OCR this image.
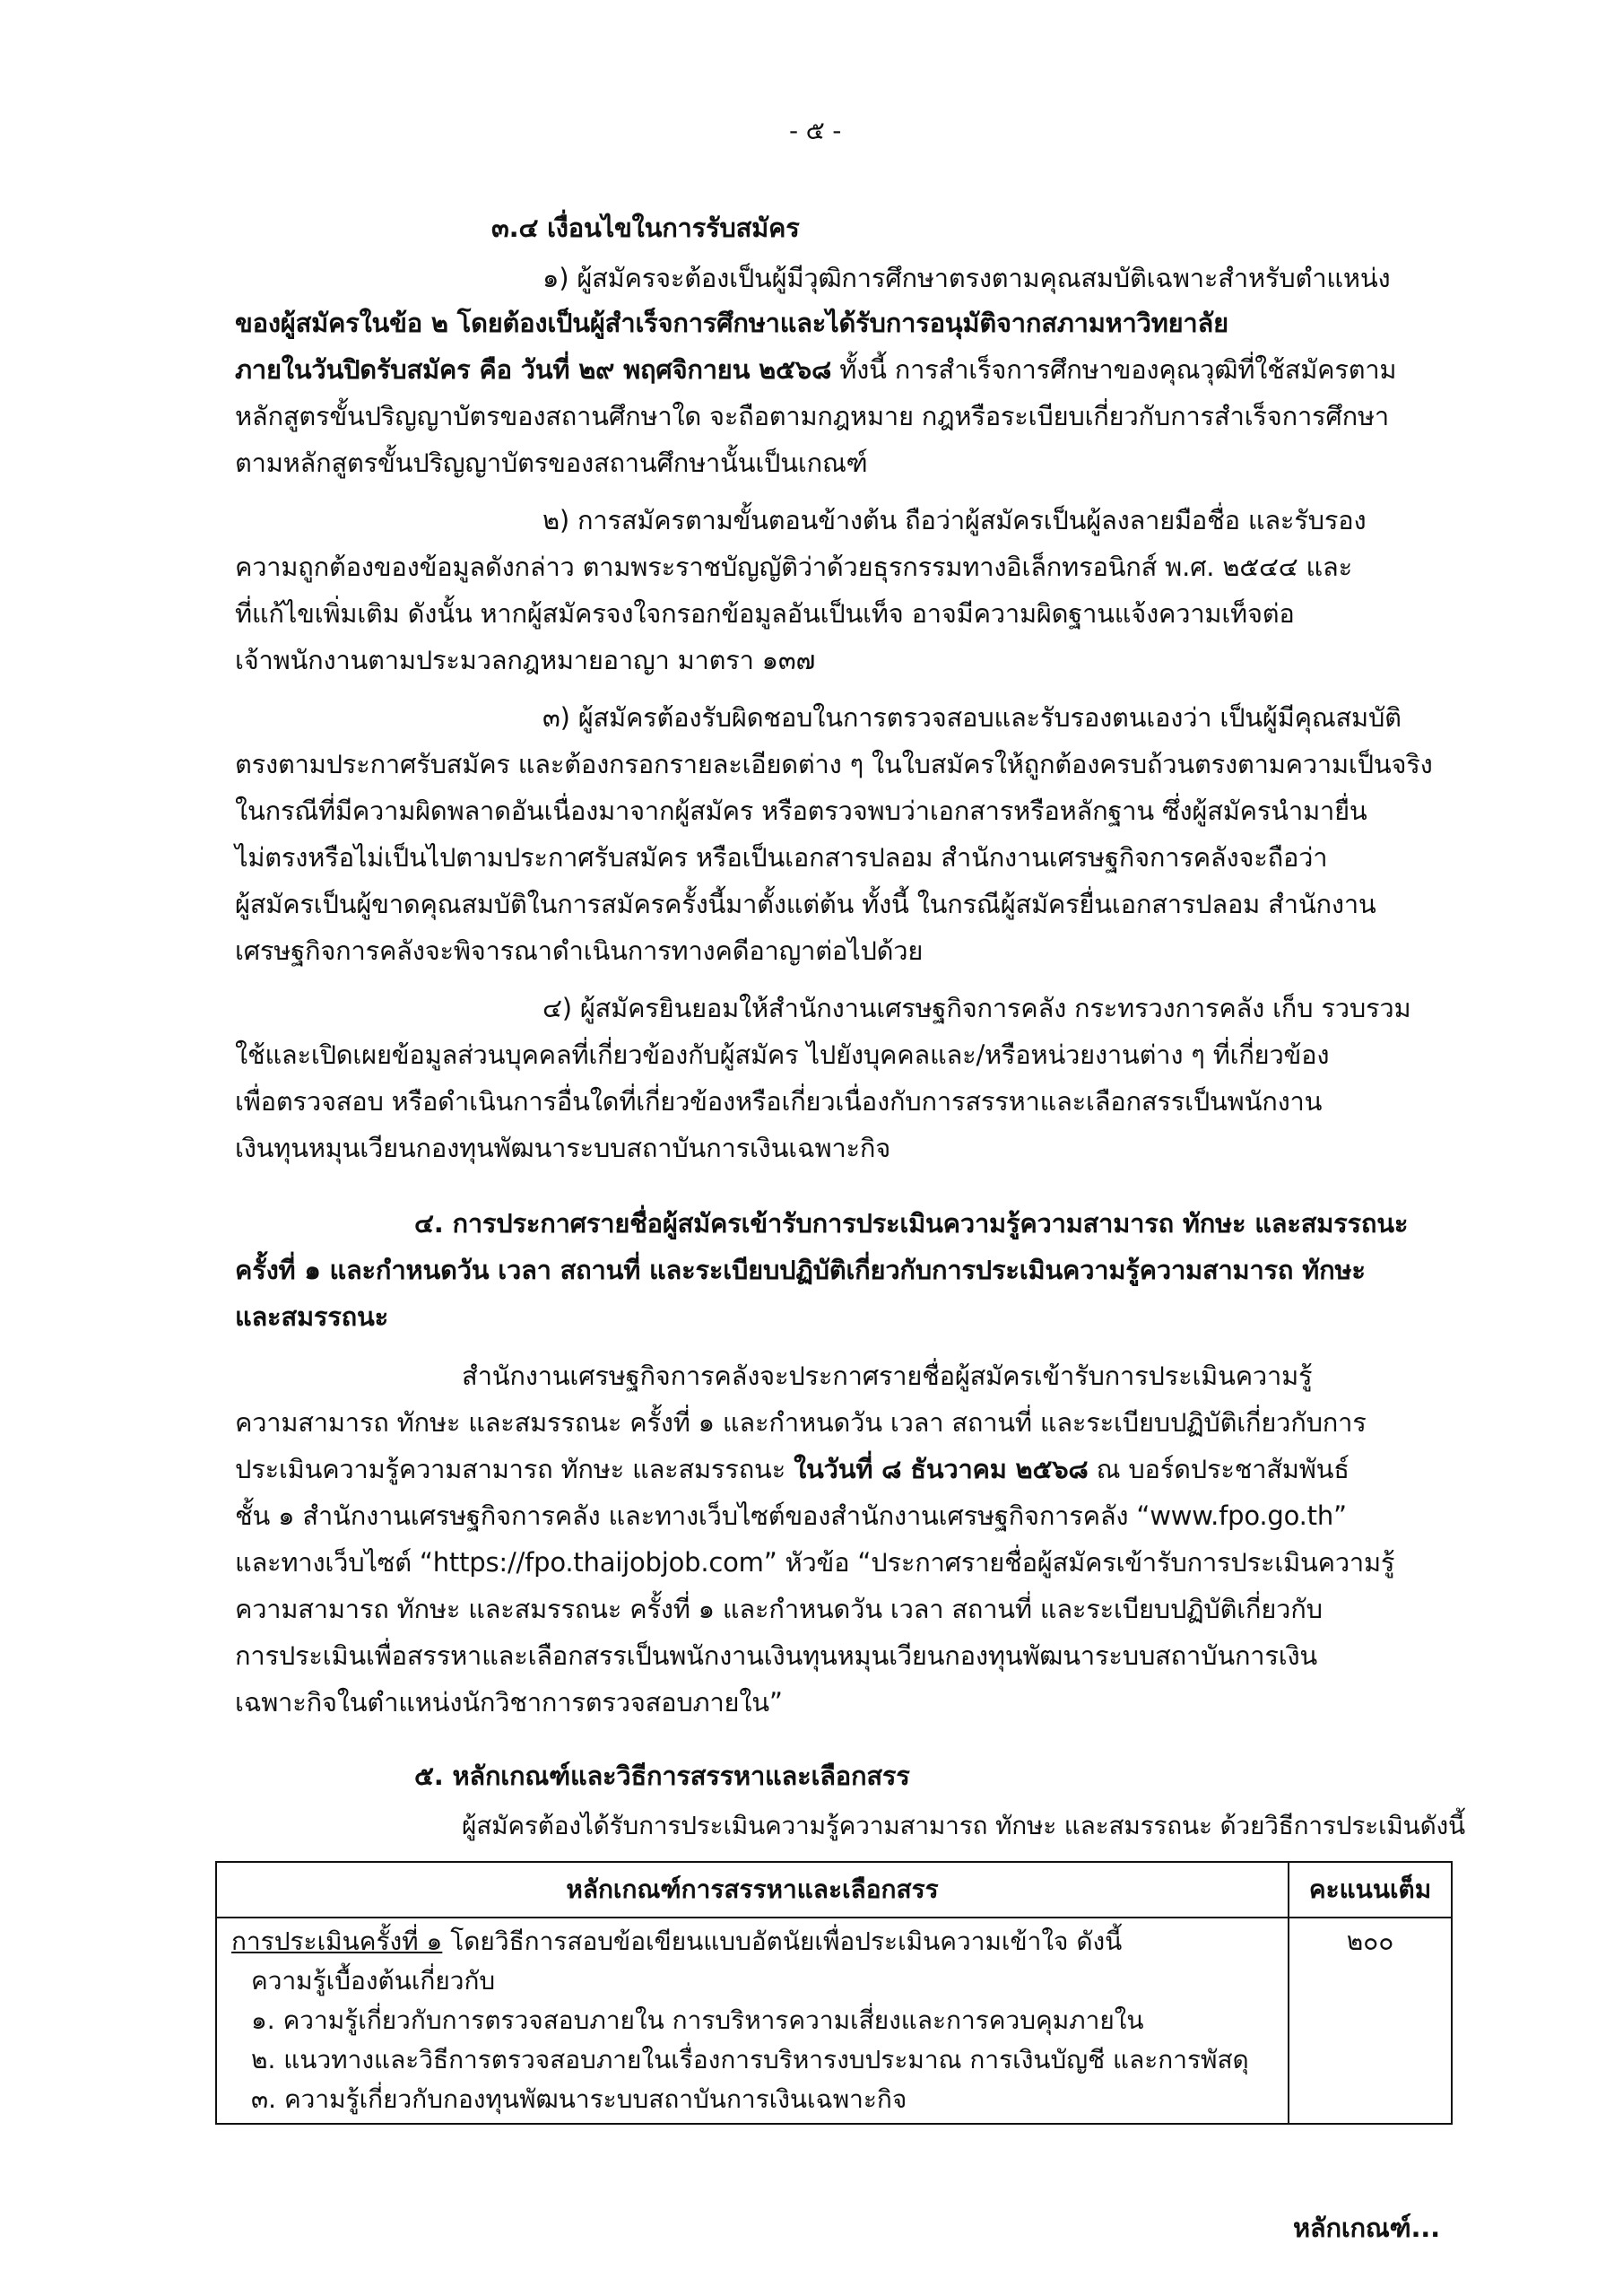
- ๕ -
๓.๔ เงื่อนไขในการรับสมัคร
๑) ผู้สมัครจะต้องเป็นผู้มีวุฒิการศึกษาตรงตามคุณสมบัติเฉพาะสำหรับตำแหน่ง
ของผู้สมัครในข้อ ๒ โดยต้องเป็นผู้สำเร็จการศึกษาและได้รับการอนุมัติจากสภามหาวิทยาลัย
ภายในวันปิดรับสมัคร คือ วันที่ ๒๙ พฤศจิกายน ๒๕๖๘ ทั้งนี้ การสำเร็จการศึกษาของคุณวุฒิที่ใช้สมัครตาม
หลักสูตรขั้นปริญญาบัตรของสถานศึกษาใด จะถือตามกฎหมาย กฎหรือระเบียบเกี่ยวกับการสำเร็จการศึกษา
ตามหลักสูตรขั้นปริญญาบัตรของสถานศึกษานั้นเป็นเกณฑ์
๒) การสมัครตามขั้นตอนข้างต้น ถือว่าผู้สมัครเป็นผู้ลงลายมือชื่อ และรับรอง
ความถูกต้องของข้อมูลดังกล่าว ตามพระราชบัญญัติว่าด้วยธุรกรรมทางอิเล็กทรอนิกส์ พ.ศ. ๒๕๔๔ และ
ที่แก้ไขเพิ่มเติม ดังนั้น หากผู้สมัครจงใจกรอกข้อมูลอันเป็นเท็จ อาจมีความผิดฐานแจ้งความเท็จต่อ
เจ้าพนักงานตามประมวลกฎหมายอาญา มาตรา ๑๓๗
๓) ผู้สมัครต้องรับผิดชอบในการตรวจสอบและรับรองตนเองว่า เป็นผู้มีคุณสมบัติ
ตรงตามประกาศรับสมัคร และต้องกรอกรายละเอียดต่าง ๆ ในใบสมัครให้ถูกต้องครบถ้วนตรงตามความเป็นจริง
ในกรณีที่มีความผิดพลาดอันเนื่องมาจากผู้สมัคร หรือตรวจพบว่าเอกสารหรือหลักฐาน ซึ่งผู้สมัครนำมายื่น
ไม่ตรงหรือไม่เป็นไปตามประกาศรับสมัคร หรือเป็นเอกสารปลอม สำนักงานเศรษฐกิจการคลังจะถือว่า
ผู้สมัครเป็นผู้ขาดคุณสมบัติในการสมัครครั้งนี้มาตั้งแต่ต้น ทั้งนี้ ในกรณีผู้สมัครยื่นเอกสารปลอม สำนักงาน
เศรษฐกิจการคลังจะพิจารณาดำเนินการทางคดีอาญาต่อไปด้วย
๔) ผู้สมัครยินยอมให้สำนักงานเศรษฐกิจการคลัง กระทรวงการคลัง เก็บ รวบรวม
ใช้และเปิดเผยข้อมูลส่วนบุคคลที่เกี่ยวข้องกับผู้สมัคร ไปยังบุคคลและ/หรือหน่วยงานต่าง ๆ ที่เกี่ยวข้อง
เพื่อตรวจสอบ หรือดำเนินการอื่นใดที่เกี่ยวข้องหรือเกี่ยวเนื่องกับการสรรหาและเลือกสรรเป็นพนักงาน
เงินทุนหมุนเวียนกองทุนพัฒนาระบบสถาบันการเงินเฉพาะกิจ
๔. การประกาศรายชื่อผู้สมัครเข้ารับการประเมินความรู้ความสามารถ ทักษะ และสมรรถนะ
ครั้งที่ ๑ และกำหนดวัน เวลา สถานที่ และระเบียบปฏิบัติเกี่ยวกับการประเมินความรู้ความสามารถ ทักษะ
และสมรรถนะ
สำนักงานเศรษฐกิจการคลังจะประกาศรายชื่อผู้สมัครเข้ารับการประเมินความรู้
ความสามารถ ทักษะ และสมรรถนะ ครั้งที่ ๑ และกำหนดวัน เวลา สถานที่ และระเบียบปฏิบัติเกี่ยวกับการ
ประเมินความรู้ความสามารถ ทักษะ และสมรรถนะ ในวันที่ ๘ ธันวาคม ๒๕๖๘ ณ บอร์ดประชาสัมพันธ์
ชั้น ๑ สำนักงานเศรษฐกิจการคลัง และทางเว็บไซต์ของสำนักงานเศรษฐกิจการคลัง “www.fpo.go.th”
และทางเว็บไซต์ “https://fpo.thaijobjob.com” หัวข้อ “ประกาศรายชื่อผู้สมัครเข้ารับการประเมินความรู้
ความสามารถ ทักษะ และสมรรถนะ ครั้งที่ ๑ และกำหนดวัน เวลา สถานที่ และระเบียบปฏิบัติเกี่ยวกับ
การประเมินเพื่อสรรหาและเลือกสรรเป็นพนักงานเงินทุนหมุนเวียนกองทุนพัฒนาระบบสถาบันการเงิน
เฉพาะกิจในตำแหน่งนักวิชาการตรวจสอบภายใน”
๕. หลักเกณฑ์และวิธีการสรรหาและเลือกสรร
ผู้สมัครต้องได้รับการประเมินความรู้ความสามารถ ทักษะ และสมรรถนะ ด้วยวิธีการประเมินดังนี้
หลักเกณฑ์การสรรหาและเลือกสรร	คะแนนเต็ม

การประเมินครั้งที่ ๑ โดยวิธีการสอบข้อเขียนแบบอัตนัยเพื่อประเมินความเข้าใจ ดังนี้
ความรู้เบื้องต้นเกี่ยวกับ
๑. ความรู้เกี่ยวกับการตรวจสอบภายใน การบริหารความเสี่ยงและการควบคุมภายใน
๒. แนวทางและวิธีการตรวจสอบภายในเรื่องการบริหารงบประมาณ การเงินบัญชี และการพัสดุ
๓. ความรู้เกี่ยวกับกองทุนพัฒนาระบบสถาบันการเงินเฉพาะกิจ	๒๐๐
หลักเกณฑ์...
